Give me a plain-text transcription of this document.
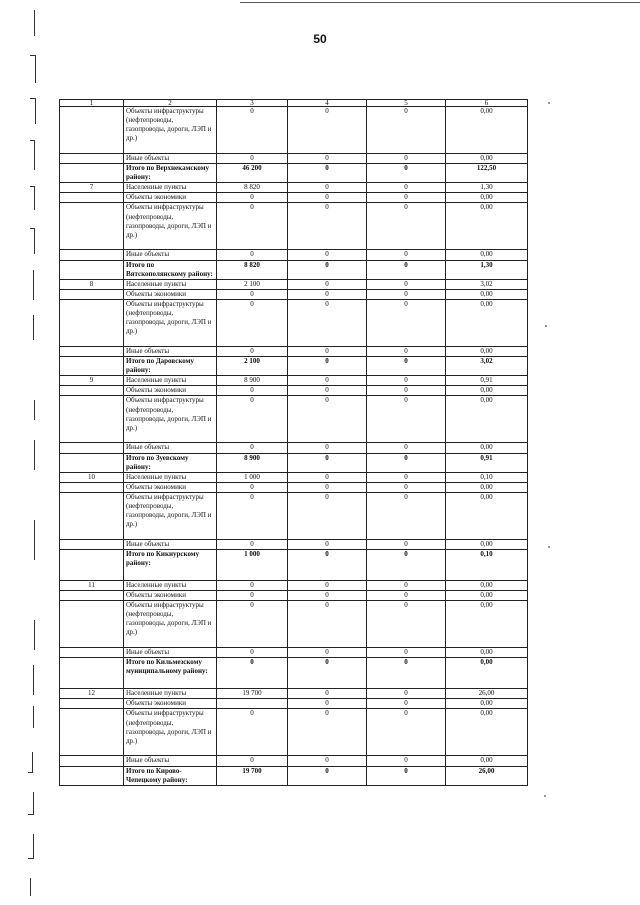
50
1	2	3	4	5	6
	Объекты инфраструктуры (нефтепроводы, газопроводы, дороги, ЛЭП и др.)	0	0	0	0,00
	Иные объекты	0	0	0	0,00
	Итого по Верхнекамскому району:	46 200	0	0	122,50
7	Населенные пункты	8 820	0	0	1,30
	Объекты экономики	0	0	0	0,00
	Объекты инфраструктуры (нефтепроводы, газопроводы, дороги, ЛЭП и др.)	0	0	0	0,00
	Иные объекты	0	0	0	0,00
	Итого по Вятскополянскому району:	8 820	0	0	1,30
8	Населенные пункты	2 100	0	0	3,02
	Объекты экономики	0	0	0	0,00
	Объекты инфраструктуры (нефтепроводы, газопроводы, дороги, ЛЭП и др.)	0	0	0	0,00
	Иные объекты	0	0	0	0,00
	Итого по Даровскому району:	2 100	0	0	3,02
9	Населенные пункты	8 900	0	0	0,91
	Объекты экономики	0	0	0	0,00
	Объекты инфраструктуры (нефтепроводы, газопроводы, дороги, ЛЭП и др.)	0	0	0	0,00
	Иные объекты	0	0	0	0,00
	Итого по Зуевскому району:	8 900	0	0	0,91
10	Населенные пункты	1 000	0	0	0,10
	Объекты экономики	0	0	0	0,00
	Объекты инфраструктуры (нефтепроводы, газопроводы, дороги, ЛЭП и др.)	0	0	0	0,00
	Иные объекты	0	0	0	0,00
	Итого по Кикнурскому району:	1 000	0	0	0,10
11	Населенные пункты	0	0	0	0,00
	Объекты экономики	0	0	0	0,00
	Объекты инфраструктуры (нефтепроводы, газопроводы, дороги, ЛЭП и др.)	0	0	0	0,00
	Иные объекты	0	0	0	0,00
	Итого по Кильмезскому муниципальному району:	0	0	0	0,00
12	Населенные пункты	19 700	0	0	26,00
	Объекты экономики		0	0	0,00
	Объекты инфраструктуры (нефтепроводы, газопроводы, дороги, ЛЭП и др.)	0	0	0	0,00
	Иные объекты	0	0	0	0,00
	Итого по Кирово-Чепецкому району:	19 700	0	0	26,00
